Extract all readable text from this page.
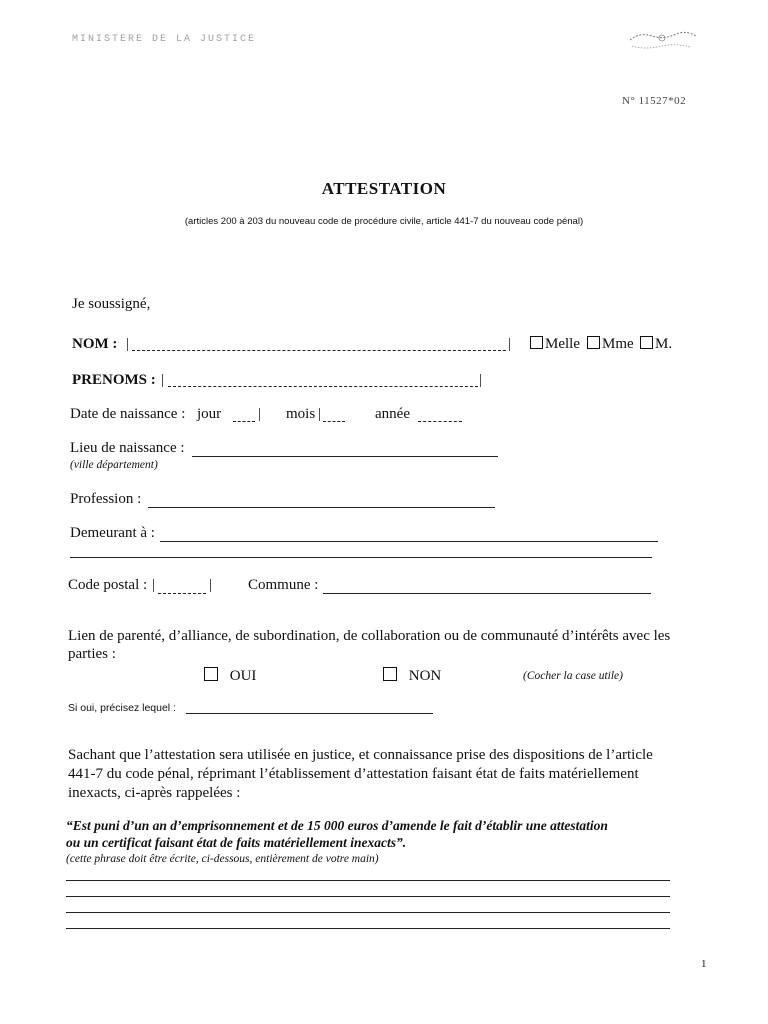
MINISTERE DE LA JUSTICE
N° 11527*02
ATTESTATION
(articles 200 à 203 du nouveau code de procédure civile, article 441-7 du nouveau code pénal)
Je soussigné,
NOM : |	|	Melle	Mme	M.
PRENOMS : |	|
Date de naissance : jour | mois |	année
Lieu de naissance :
(ville département)
Profession :
Demeurant à :
Code postal : |	| Commune :
Lien de parenté, d’alliance, de subordination, de collaboration ou de communauté d’intérêts avec les parties :
OUI	NON	(Cocher la case utile)
Si oui, précisez lequel :
Sachant que l’attestation sera utilisée en justice, et connaissance prise des dispositions de l’article 441-7 du code pénal, réprimant l’établissement d’attestation faisant état de faits matériellement inexacts, ci-après rappelées :
“Est puni d’un an d’emprisonnement et de 15 000 euros d’amende le fait d’établir une attestation
ou un certificat faisant état de faits matériellement inexacts”.
(cette phrase doit être écrite, ci-dessous, entièrement de votre main)
1
